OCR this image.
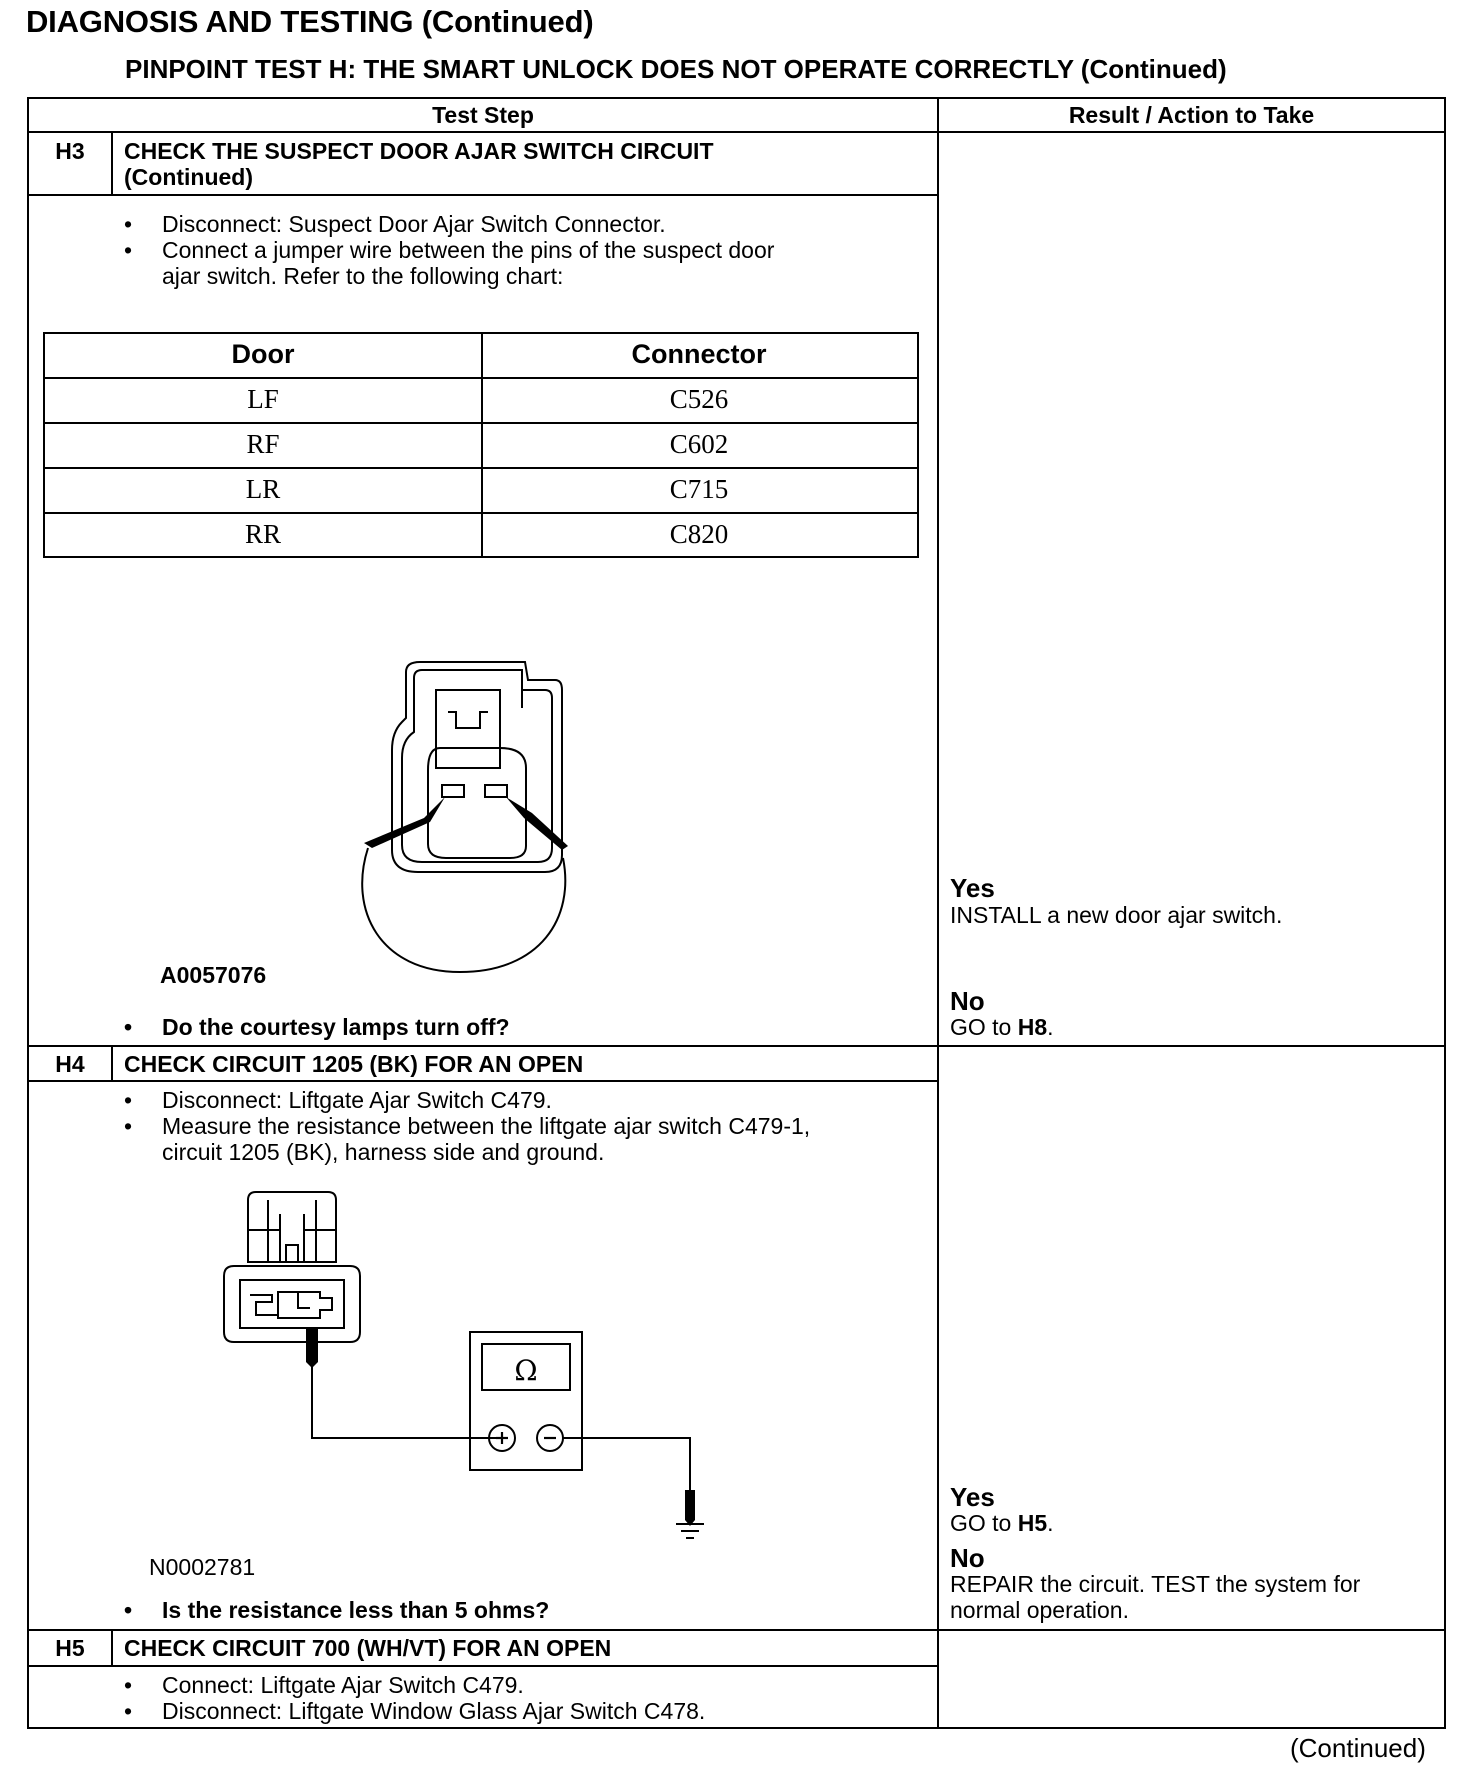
DIAGNOSIS AND TESTING (Continued)
PINPOINT TEST H: THE SMART UNLOCK DOES NOT OPERATE CORRECTLY (Continued)
Test Step	Result / Action to Take
H3	CHECK THE SUSPECT DOOR AJAR SWITCH CIRCUIT
(Continued)
• Disconnect: Suspect Door Ajar Switch Connector.
• Connect a jumper wire between the pins of the suspect door
ajar switch. Refer to the following chart:
Door	Connector
LF	C526
RF	C602
LR	C715
RR	C820
A0057076
• Do the courtesy lamps turn off?
Yes
INSTALL a new door ajar switch.
No
GO to H8.
H4	CHECK CIRCUIT 1205 (BK) FOR AN OPEN
• Disconnect: Liftgate Ajar Switch C479.
• Measure the resistance between the liftgate ajar switch C479-1,
circuit 1205 (BK), harness side and ground.
Ω
N0002781
• Is the resistance less than 5 ohms?
Yes
GO to H5.
No
REPAIR the circuit. TEST the system for
normal operation.
H5	CHECK CIRCUIT 700 (WH/VT) FOR AN OPEN
• Connect: Liftgate Ajar Switch C479.
• Disconnect: Liftgate Window Glass Ajar Switch C478.
(Continued)
